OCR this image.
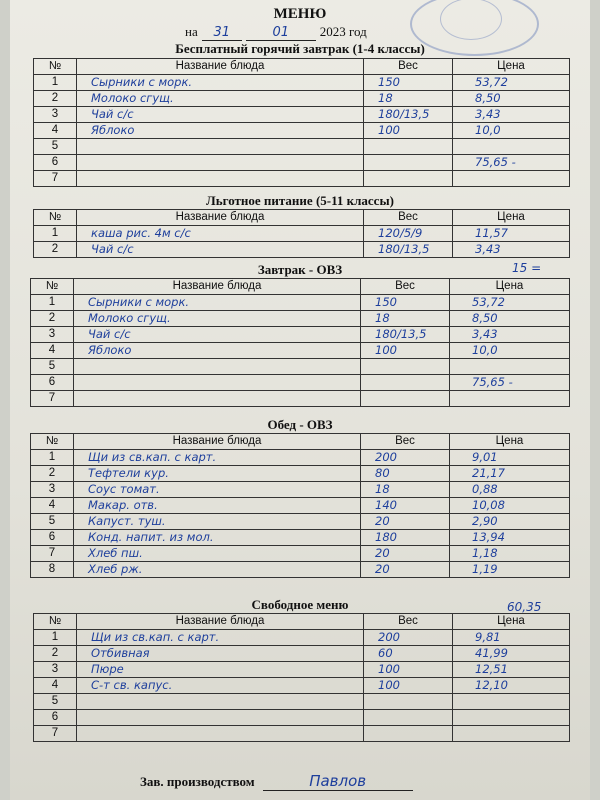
МЕНЮ
на	31	01	2023 год
Бесплатный горячий завтрак (1-4 классы)
№	Название блюда	Вес	Цена
1	Сырники с морк.	150	53,72
2	Молоко сгущ.	18	8,50
3	Чай с/с	180/13,5	3,43
4	Яблоко	100	10,0
5			
6			75,65 -
7			
Льготное питание (5-11 классы)
№	Название блюда	Вес	Цена
1	каша рис. 4м с/с	120/5/9	11,57
2	Чай с/с	180/13,5	3,43
15 =
Завтрак - ОВЗ
№	Название блюда	Вес	Цена
1	Сырники с морк.	150	53,72
2	Молоко сгущ.	18	8,50
3	Чай с/с	180/13,5	3,43
4	Яблоко	100	10,0
5			
6			75,65 -
7			
Обед - ОВЗ
№	Название блюда	Вес	Цена
1	Щи из св.кап. с карт.	200	9,01
2	Тефтели кур.	80	21,17
3	Соус томат.	18	0,88
4	Макар. отв.	140	10,08
5	Капуст. туш.	20	2,90
6	Конд. напит. из мол.	180	13,94
7	Хлеб пш.	20	1,18
8	Хлеб рж.	20	1,19
60,35
Свободное меню
№	Название блюда	Вес	Цена
1	Щи из св.кап. с карт.	200	9,81
2	Отбивная	60	41,99
3	Пюре	100	12,51
4	С-т св. капус.	100	12,10
5			
6			
7			
Зав. производством	Павлов
